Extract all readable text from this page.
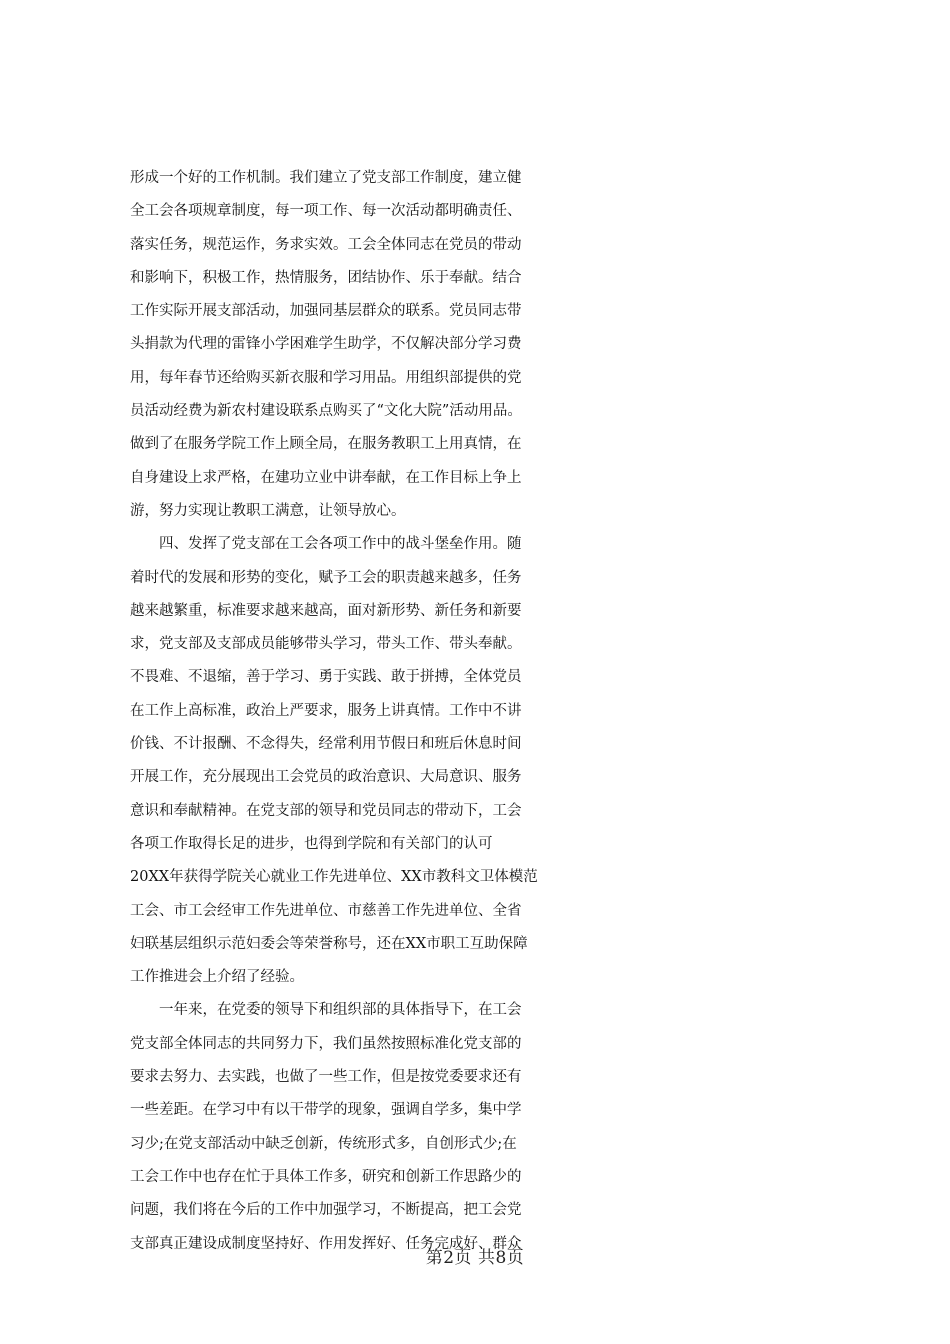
形成一个好的工作机制。我们建立了党支部工作制度，建立健
全工会各项规章制度，每一项工作、每一次活动都明确责任、
落实任务，规范运作，务求实效。工会全体同志在党员的带动
和影响下，积极工作，热情服务，团结协作、乐于奉献。结合
工作实际开展支部活动，加强同基层群众的联系。党员同志带
头捐款为代理的雷锋小学困难学生助学，不仅解决部分学习费
用，每年春节还给购买新衣服和学习用品。用组织部提供的党
员活动经费为新农村建设联系点购买了“文化大院”活动用品。
做到了在服务学院工作上顾全局，在服务教职工上用真情，在
自身建设上求严格，在建功立业中讲奉献，在工作目标上争上
游，努力实现让教职工满意，让领导放心。
　　四、发挥了党支部在工会各项工作中的战斗堡垒作用。随
着时代的发展和形势的变化，赋予工会的职责越来越多，任务
越来越繁重，标准要求越来越高，面对新形势、新任务和新要
求，党支部及支部成员能够带头学习，带头工作、带头奉献。
不畏难、不退缩，善于学习、勇于实践、敢于拼搏，全体党员
在工作上高标准，政治上严要求，服务上讲真情。工作中不讲
价钱、不计报酬、不念得失，经常利用节假日和班后休息时间
开展工作，充分展现出工会党员的政治意识、大局意识、服务
意识和奉献精神。在党支部的领导和党员同志的带动下，工会
各项工作取得长足的进步，也得到学院和有关部门的认可
20XX年获得学院关心就业工作先进单位、XX市教科文卫体模范
工会、市工会经审工作先进单位、市慈善工作先进单位、全省
妇联基层组织示范妇委会等荣誉称号，还在XX市职工互助保障
工作推进会上介绍了经验。
　　一年来，在党委的领导下和组织部的具体指导下，在工会
党支部全体同志的共同努力下，我们虽然按照标准化党支部的
要求去努力、去实践，也做了一些工作，但是按党委要求还有
一些差距。在学习中有以干带学的现象，强调自学多，集中学
习少;在党支部活动中缺乏创新，传统形式多，自创形式少;在
工会工作中也存在忙于具体工作多，研究和创新工作思路少的
问题，我们将在今后的工作中加强学习，不断提高，把工会党
支部真正建设成制度坚持好、作用发挥好、任务完成好、群众
第2页 共8页
